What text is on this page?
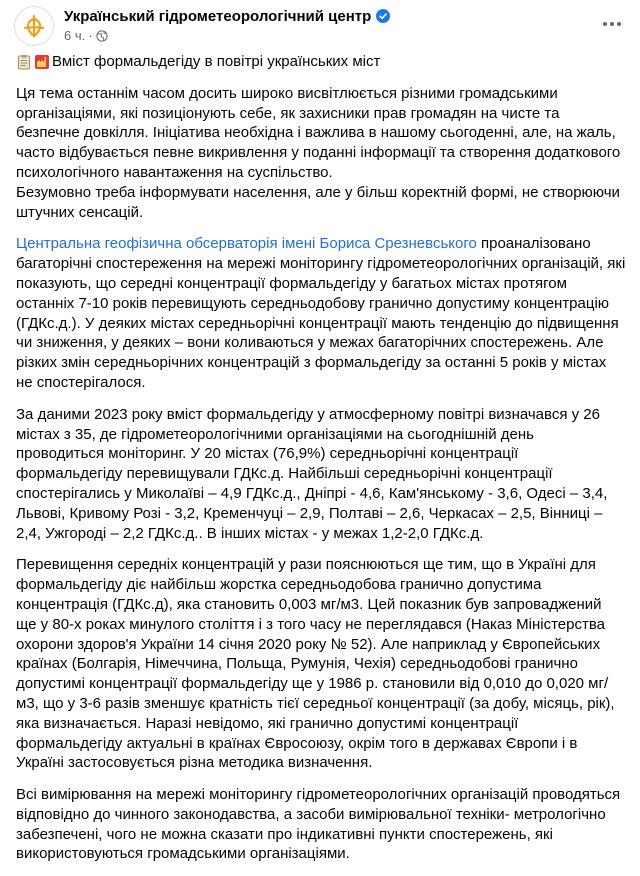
Український гідрометеорологічний центр
6 ч. ·

Вміст формальдегіду в повітрі українських міст

Ця тема останнім часом досить широко висвітлюється різними громадськими організаціями, які позиціонують себе, як захисники прав громадян на чисте та безпечне довкілля. Ініціатива необхідна і важлива в нашому сьогоденні, але, на жаль, часто відбувається певне викривлення у поданні інформації та створення додаткового психологічного навантаження на суспільство.
Безумовно треба інформувати населення, але у більш коректній формі, не створюючи штучних сенсацій.

Центральна геофізична обсерваторія імені Бориса Срезневського проаналізовано багаторічні спостереження на мережі моніторингу гідрометеорологічних організацій, які показують, що середні концентрації формальдегіду у багатьох містах протягом останніх 7-10 років перевищують середньодобову гранично допустиму концентрацію (ГДКс.д.). У деяких містах середньорічні концентрації мають тенденцію до підвищення чи зниження, у деяких – вони коливаються у межах багаторічних спостережень. Але різких змін середньорічних концентрацій з формальдегіду за останні 5 років у містах не спостерігалося.

За даними 2023 року вміст формальдегіду у атмосферному повітрі визначався у 26 містах з 35, де гідрометеорологічними організаціями на сьогоднішній день проводиться моніторинг. У 20 містах (76,9%) середньорічні концентрації формальдегіду перевищували ГДКс.д. Найбільші середньорічні концентрації спостерігались у Миколаїві – 4,9 ГДКс.д., Дніпрі - 4,6, Кам'янському - 3,6, Одесі – 3,4, Львові, Кривому Розі - 3,2, Кременчуці – 2,9, Полтаві – 2,6, Черкасах – 2,5, Вінниці – 2,4, Ужгороді – 2,2 ГДКс.д.. В інших містах - у межах 1,2-2,0 ГДКс.д.

Перевищення середніх концентрацій у рази пояснюються ще тим, що в Україні для формальдегіду діє найбільш жорстка середньодобова гранично допустима концентрація (ГДКс.д), яка становить 0,003 мг/м3. Цей показник був запроваджений ще у 80-х роках минулого століття і з того часу не переглядався (Наказ Міністерства охорони здоров'я України 14 січня 2020 року № 52). Але наприклад у Європейських країнах (Болгарія, Німеччина, Польща, Румунія, Чехія) середньодобові гранично допустимі концентрації формальдегіду ще у 1986 р. становили від 0,010 до 0,020 мг/м3, що у 3-6 разів зменшує кратність тієї середньої концентрації (за добу, місяць, рік), яка визначається. Наразі невідомо, які гранично допустимі концентрації формальдегіду актуальні в країнах Євросоюзу, окрім того в державах Європи і в Україні застосовується різна методика визначення.

Всі вимірювання на мережі моніторингу гідрометеорологічних організацій проводяться відповідно до чинного законодавства, а засоби вимірювальної техніки- метрологічно забезпечені, чого не можна сказати про індикативні пункти спостережень, які використовуються громадськими організаціями.
